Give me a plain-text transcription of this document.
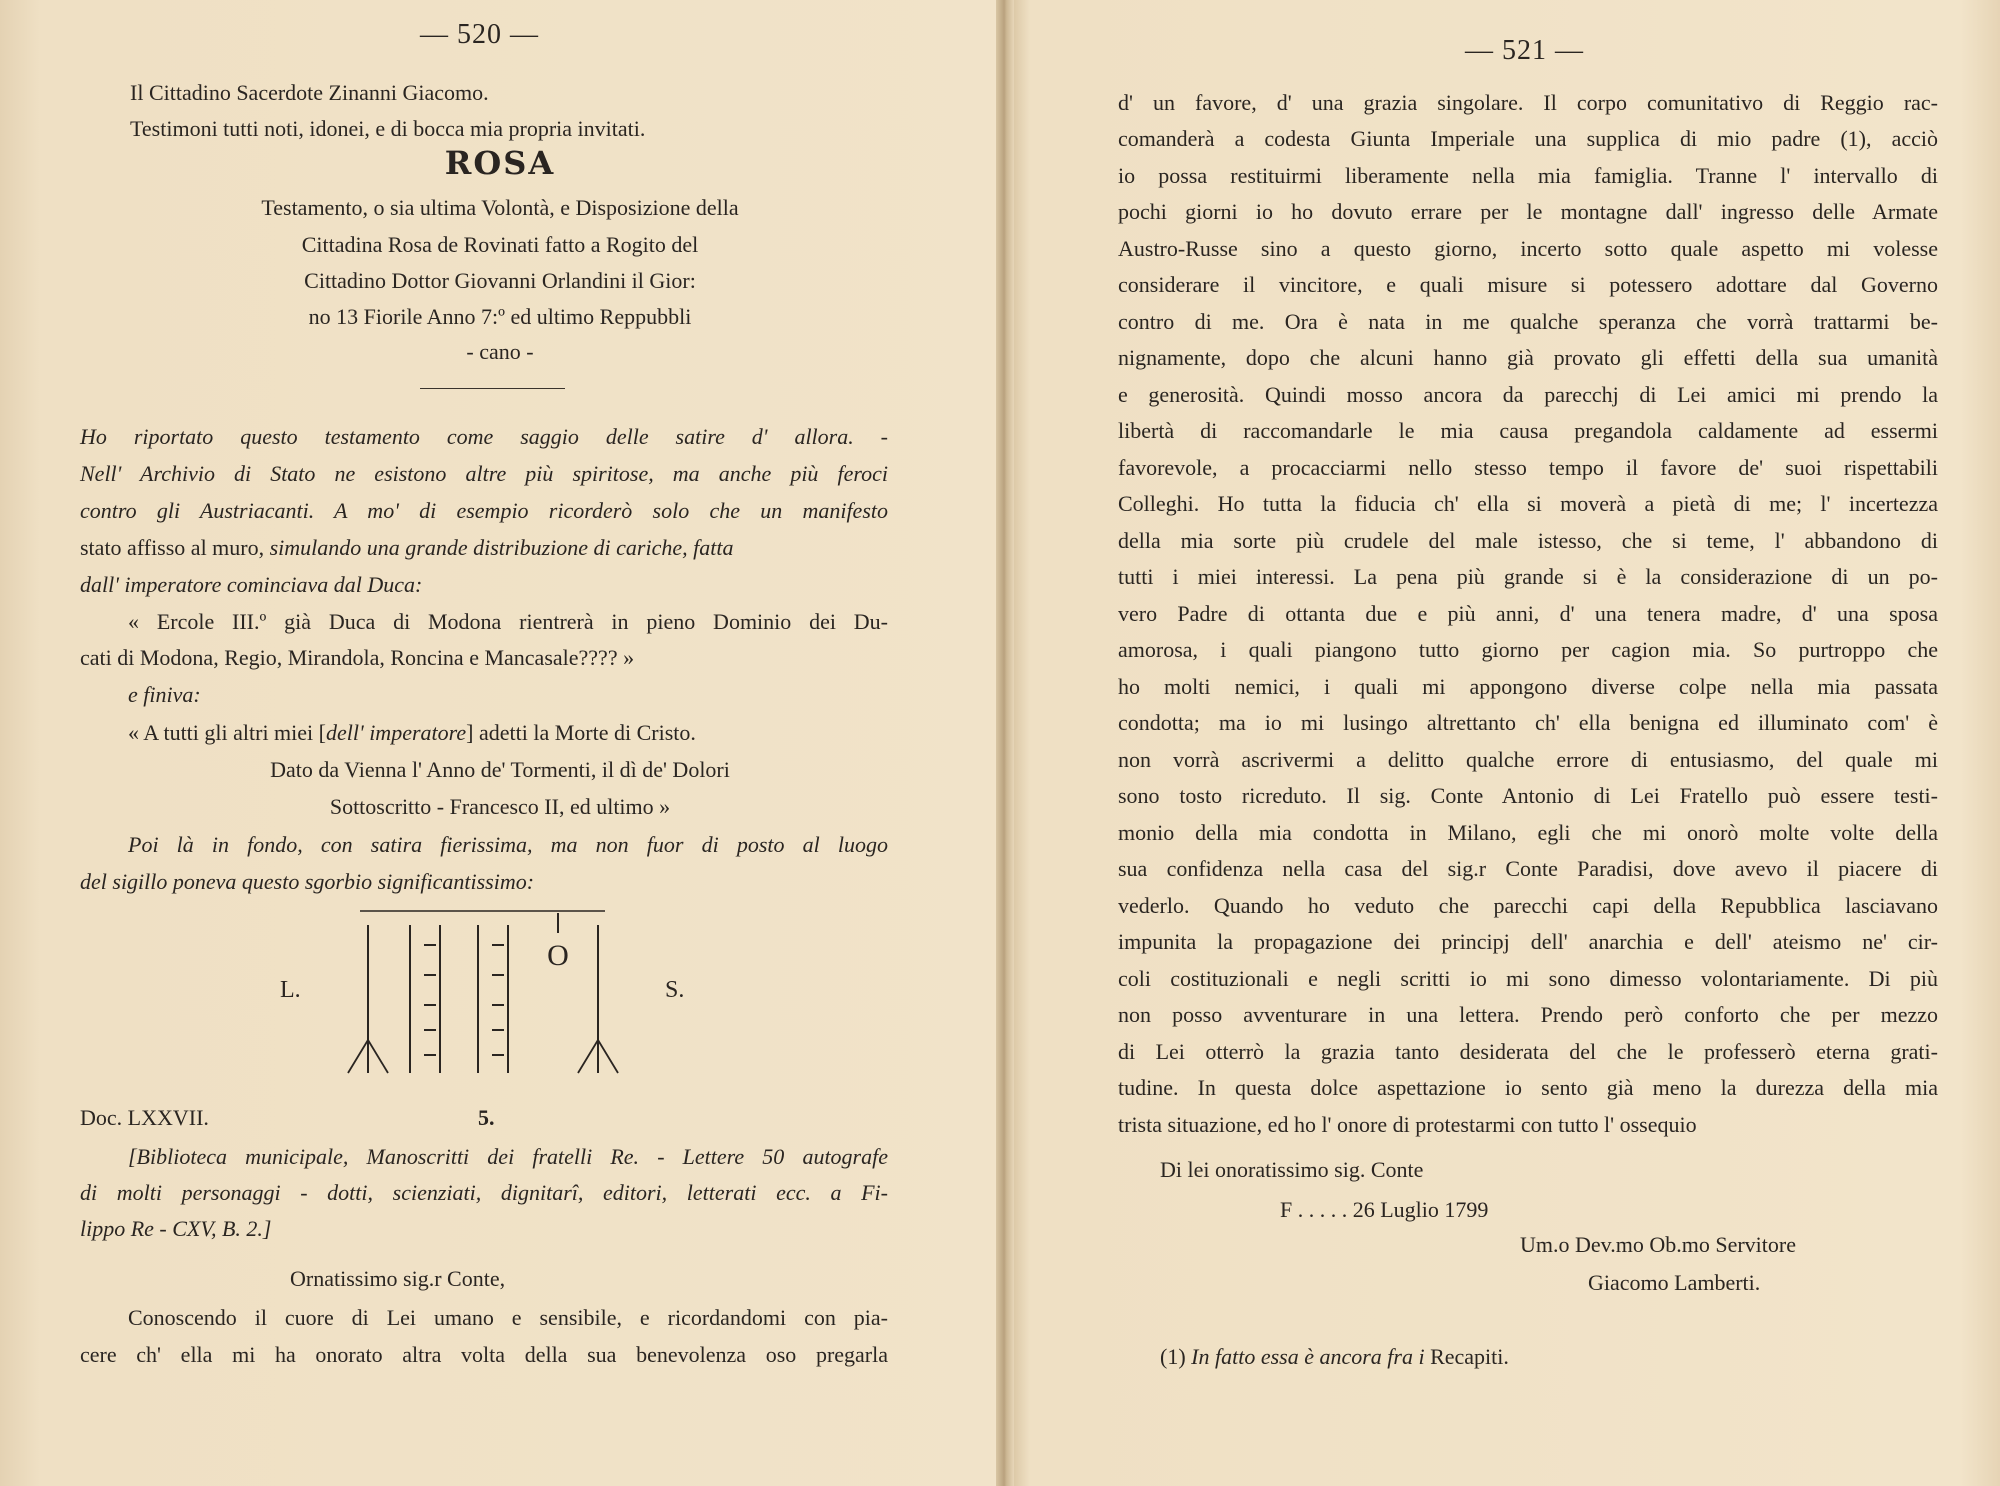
— 520 —
Il Cittadino Sacerdote Zinanni Giacomo.
Testimoni tutti noti, idonei, e di bocca mia propria invitati.
ROSA
Testamento, o sia ultima Volontà, e Disposizione della
Cittadina Rosa de Rovinati fatto a Rogito del
Cittadino Dottor Giovanni Orlandini il Gior:
no 13 Fiorile Anno 7:º ed ultimo Reppubbli
- cano -
Ho riportato questo testamento come saggio delle satire d' allora. -
Nell' Archivio di Stato ne esistono altre più spiritose, ma anche più feroci
contro gli Austriacanti. A mo' di esempio ricorderò solo che un manifesto
stato affisso al muro, simulando una grande distribuzione di cariche, fatta
dall' imperatore cominciava dal Duca:
« Ercole III.º già Duca di Modona rientrerà in pieno Dominio dei Du-
cati di Modona, Regio, Mirandola, Roncina e Mancasale???? »
e finiva:
« A tutti gli altri miei [dell' imperatore] adetti la Morte di Cristo.
Dato da Vienna l' Anno de' Tormenti, il dì de' Dolori
Sottoscritto - Francesco II, ed ultimo »
Poi là in fondo, con satira fierissima, ma non fuor di posto al luogo
del sigillo poneva questo sgorbio significantissimo:
O
L.	S.
Doc. LXXVII.	5.
[Biblioteca municipale, Manoscritti dei fratelli Re. - Lettere 50 autografe
di molti personaggi - dotti, scienziati, dignitarî, editori, letterati ecc. a Fi-
lippo Re - CXV, B. 2.]
Ornatissimo sig.r Conte,
Conoscendo il cuore di Lei umano e sensibile, e ricordandomi con pia-
cere ch' ella mi ha onorato altra volta della sua benevolenza oso pregarla
— 521 —
d' un favore, d' una grazia singolare. Il corpo comunitativo di Reggio rac-
comanderà a codesta Giunta Imperiale una supplica di mio padre (1), acciò
io possa restituirmi liberamente nella mia famiglia. Tranne l' intervallo di
pochi giorni io ho dovuto errare per le montagne dall' ingresso delle Armate
Austro-Russe sino a questo giorno, incerto sotto quale aspetto mi volesse
considerare il vincitore, e quali misure si potessero adottare dal Governo
contro di me. Ora è nata in me qualche speranza che vorrà trattarmi be-
nignamente, dopo che alcuni hanno già provato gli effetti della sua umanità
e generosità. Quindi mosso ancora da parecchj di Lei amici mi prendo la
libertà di raccomandarle le mia causa pregandola caldamente ad essermi
favorevole, a procacciarmi nello stesso tempo il favore de' suoi rispettabili
Colleghi. Ho tutta la fiducia ch' ella si moverà a pietà di me; l' incertezza
della mia sorte più crudele del male istesso, che si teme, l' abbandono di
tutti i miei interessi. La pena più grande si è la considerazione di un po-
vero Padre di ottanta due e più anni, d' una tenera madre, d' una sposa
amorosa, i quali piangono tutto giorno per cagion mia. So purtroppo che
ho molti nemici, i quali mi appongono diverse colpe nella mia passata
condotta; ma io mi lusingo altrettanto ch' ella benigna ed illuminato com' è
non vorrà ascrivermi a delitto qualche errore di entusiasmo, del quale mi
sono tosto ricreduto. Il sig. Conte Antonio di Lei Fratello può essere testi-
monio della mia condotta in Milano, egli che mi onorò molte volte della
sua confidenza nella casa del sig.r Conte Paradisi, dove avevo il piacere di
vederlo. Quando ho veduto che parecchi capi della Repubblica lasciavano
impunita la propagazione dei principj dell' anarchia e dell' ateismo ne' cir-
coli costituzionali e negli scritti io mi sono dimesso volontariamente. Di più
non posso avventurare in una lettera. Prendo però conforto che per mezzo
di Lei otterrò la grazia tanto desiderata del che le professerò eterna grati-
tudine. In questa dolce aspettazione io sento già meno la durezza della mia
trista situazione, ed ho l' onore di protestarmi con tutto l' ossequio
Di lei onoratissimo sig. Conte
F . . . . . 26 Luglio 1799
Um.o Dev.mo Ob.mo Servitore
Giacomo Lamberti.
(1) In fatto essa è ancora fra i Recapiti.
